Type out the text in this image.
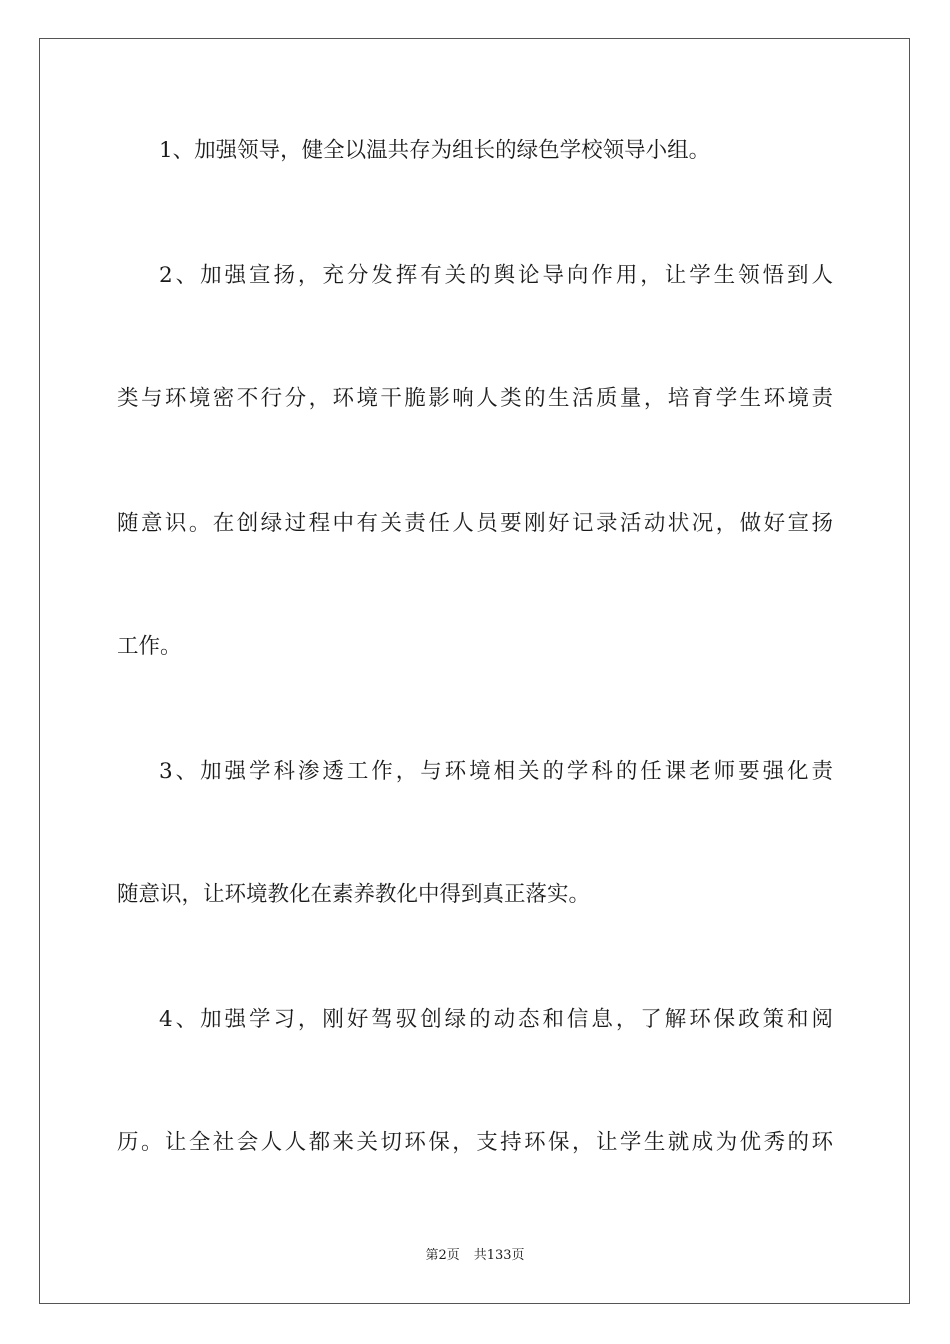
1、加强领导，健全以温共存为组长的绿色学校领导小组。
2、加强宣扬，充分发挥有关的舆论导向作用，让学生领悟到人
类与环境密不行分，环境干脆影响人类的生活质量，培育学生环境责
随意识。在创绿过程中有关责任人员要刚好记录活动状况，做好宣扬
工作。
3、加强学科渗透工作，与环境相关的学科的任课老师要强化责
随意识，让环境教化在素养教化中得到真正落实。
4、加强学习，刚好驾驭创绿的动态和信息，了解环保政策和阅
历。让全社会人人都来关切环保，支持环保，让学生就成为优秀的环
第2页 共133页
